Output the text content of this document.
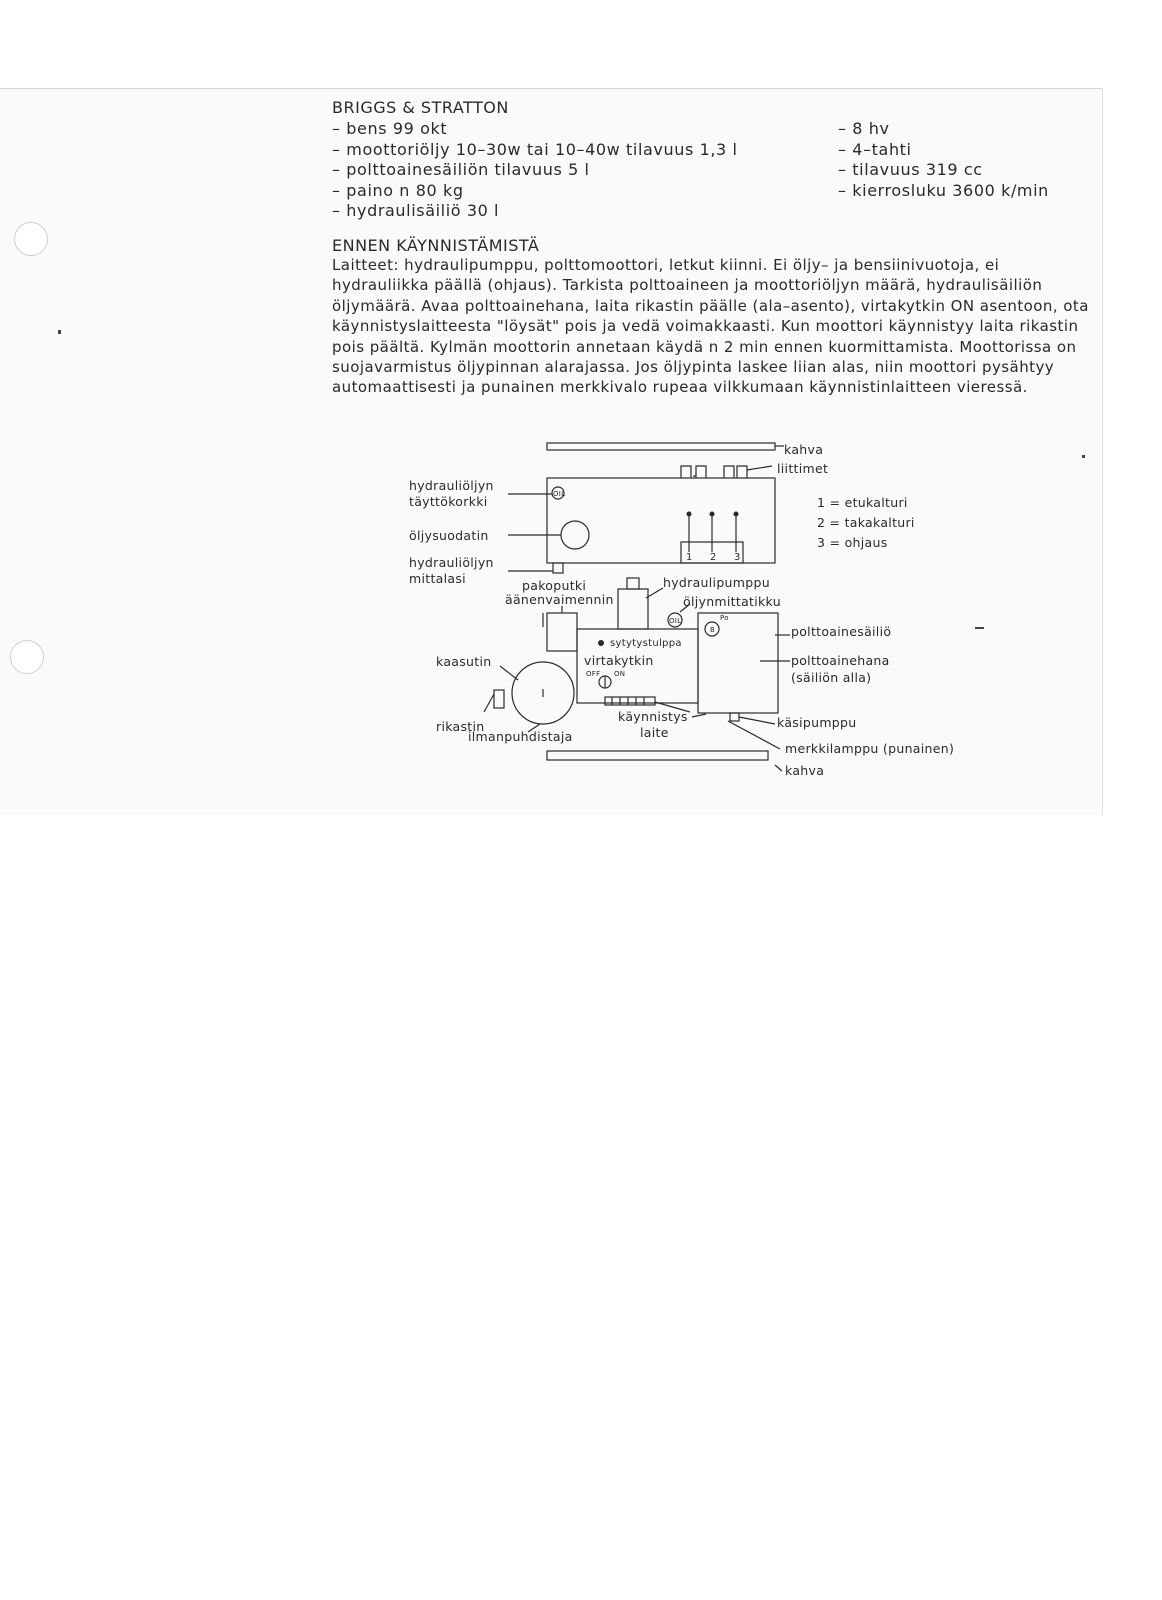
BRIGGS & STRATTON
– bens 99 okt
– moottoriöljy 10–30w tai 10–40w tilavuus 1,3 l
– polttoainesäiliön tilavuus 5 l
– paino n 80 kg
– hydraulisäiliö 30 l
– 8 hv
– 4–tahti
– tilavuus 319 cc
– kierrosluku 3600 k/min
ENNEN KÄYNNISTÄMISTÄ

Laitteet: hydraulipumppu, polttomoottori, letkut kiinni. Ei öljy– ja bensiinivuotoja, ei hydrauliikka päällä (ohjaus). Tarkista polttoaineen ja moottoriöljyn määrä, hydraulisäiliön öljymäärä. Avaa polttoainehana, laita rikastin päälle (ala–asento), virtakytkin ON asentoon, ota käynnistyslaitteesta "löysät" pois ja vedä voimakkaasti. Kun moottori käynnistyy laita rikastin pois päältä. Kylmän moottorin annetaan käydä n 2 min ennen kuormittamista. Moottorissa on suojavarmistus öljypinnan alarajassa. Jos öljypinta laskee liian alas, niin moottori pysähtyy automaattisesti ja punainen merkkivalo rupeaa vilkkumaan käynnistinlaitteen vieressä.

kahva
liittimet
OIL
1 2 3
hydrauliöljyn
täyttökorkki
öljysuodatin
hydrauliöljyn
mittalasi
1 = etukalturi
2 = takakalturi
3 = ohjaus
pakoputki
äänenvaimennin
hydraulipumppu
OIL
öljynmittatikku
sytytystulppa
virtakytkin
OFF ON
B
Po
polttoainesäiliö
polttoainehana
(säiliön alla)
kaasutin
rikastin
ilmanpuhdistaja
käynnistys
laite
käsipumppu
merkkilamppu (punainen)
kahva
